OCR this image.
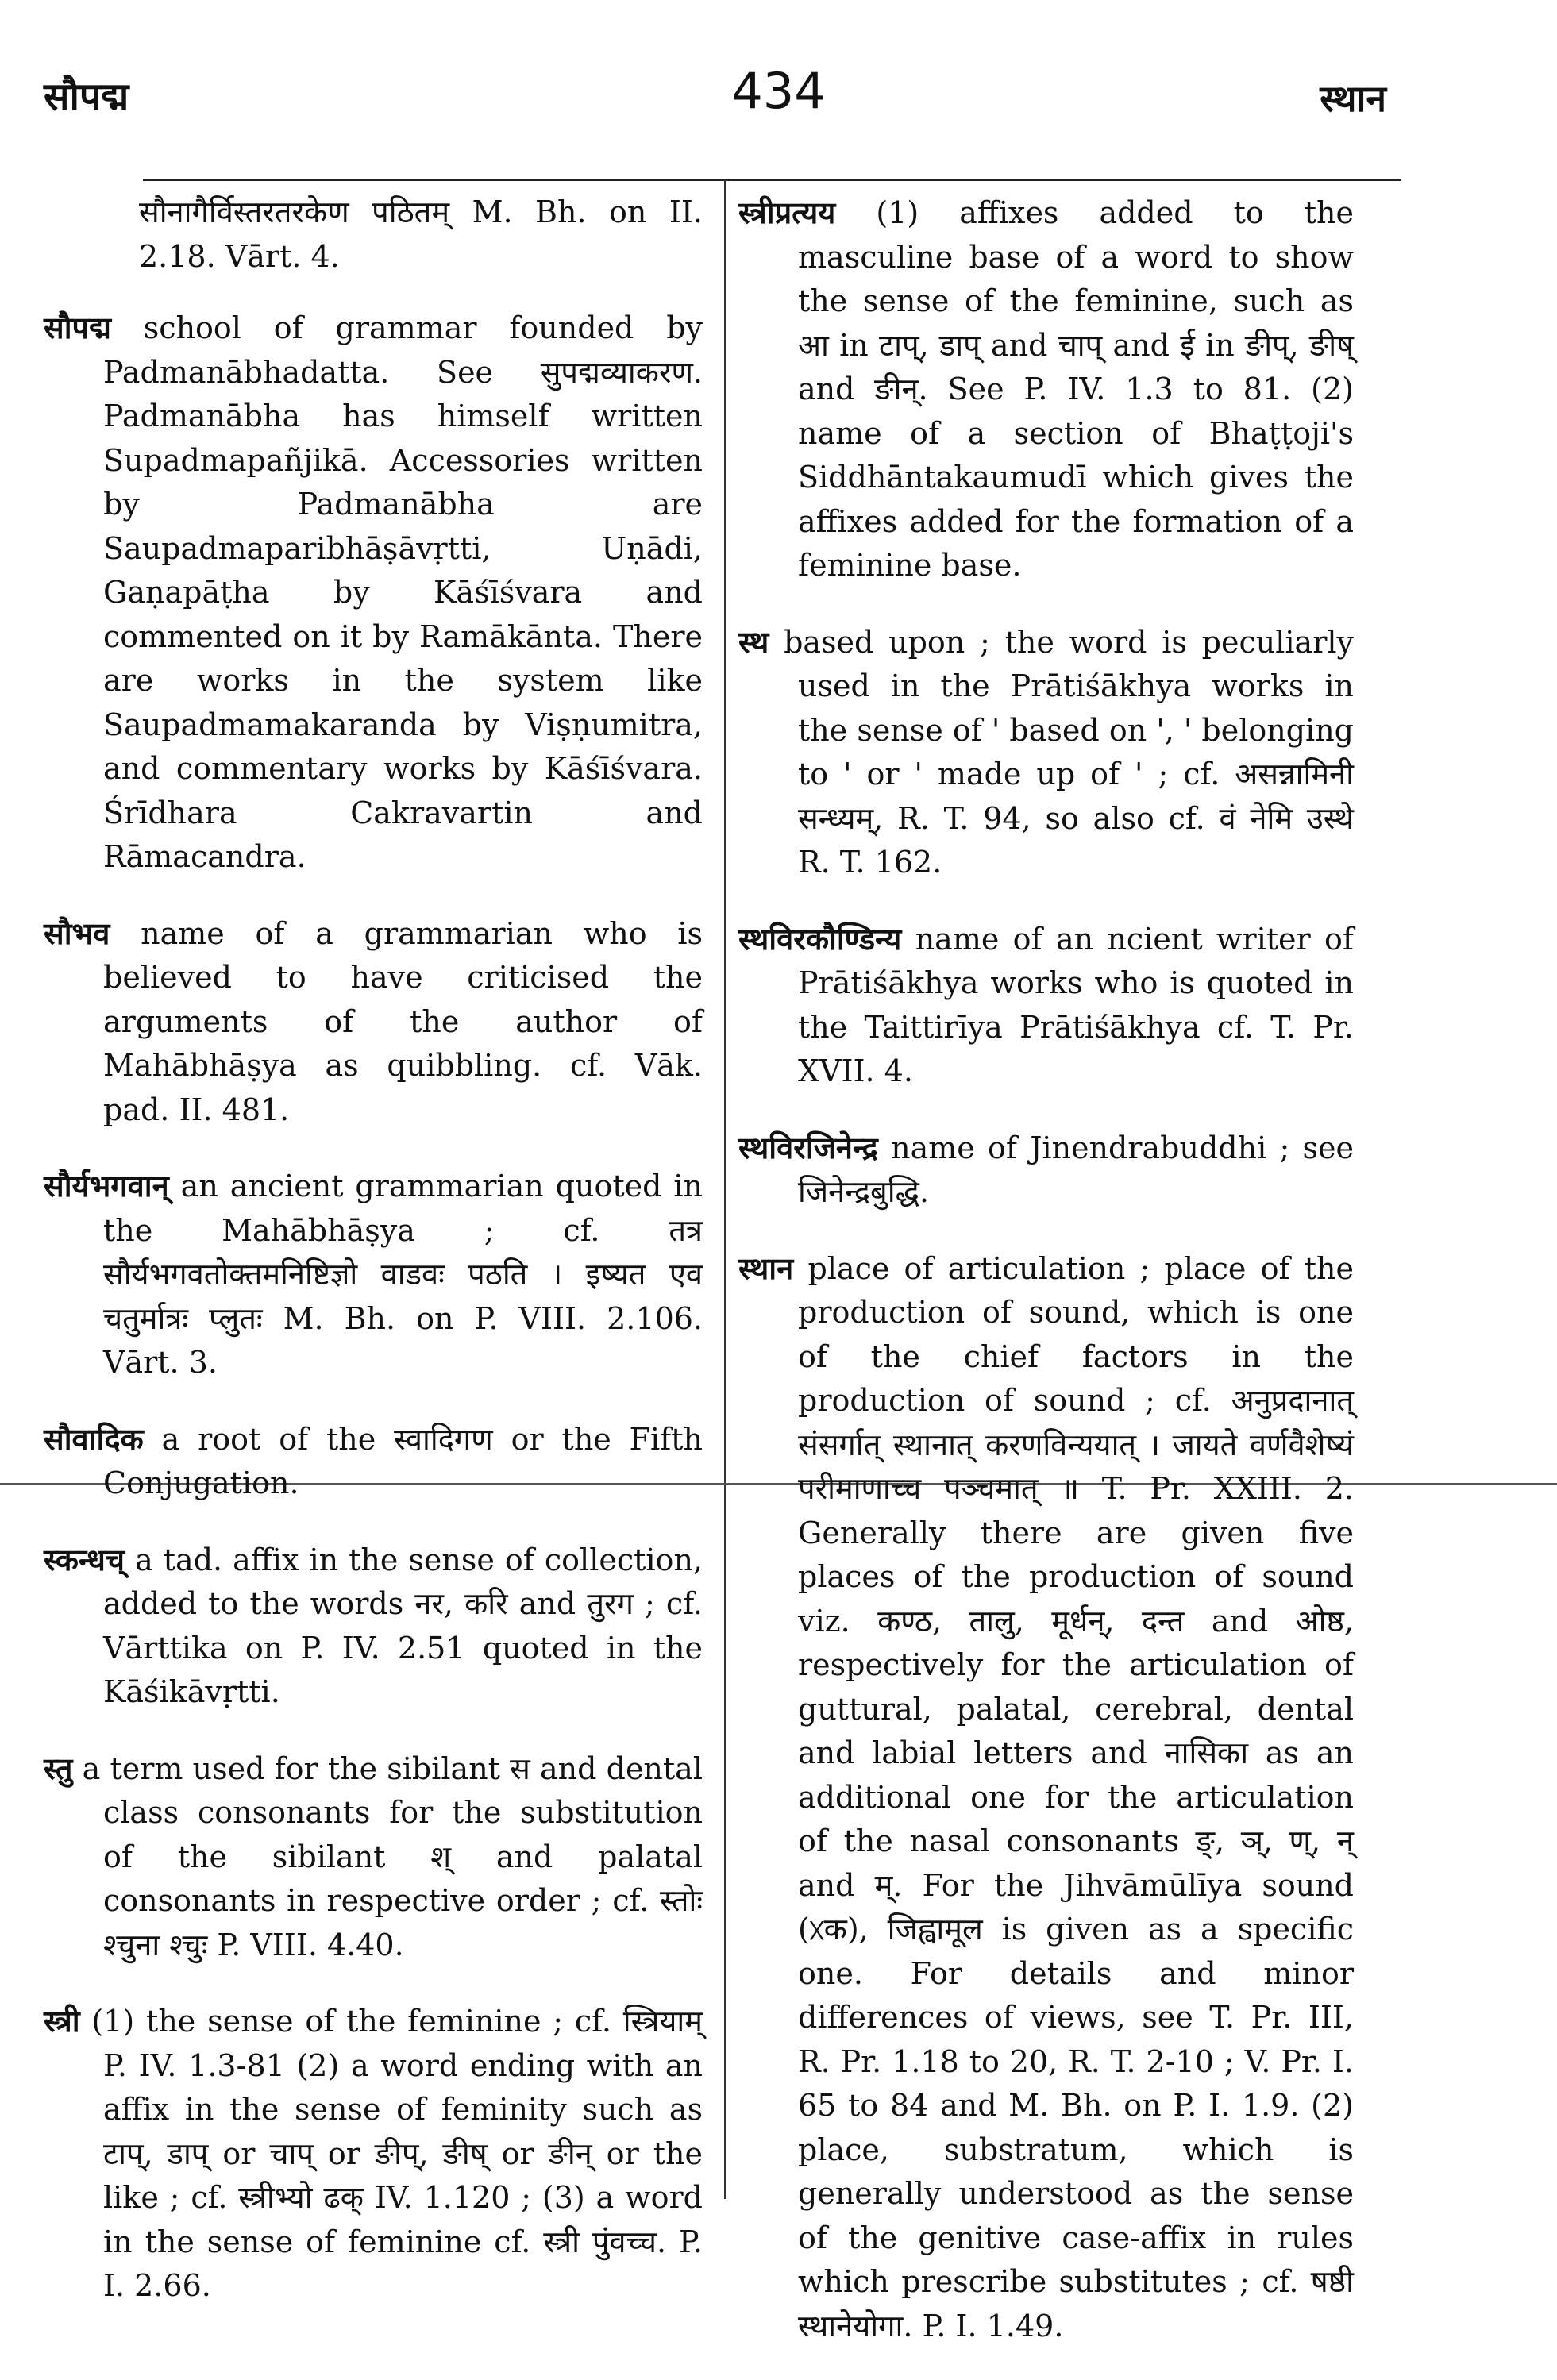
सौपद्म	434	स्थान

सौनागैर्विस्तरतरकेण पठितम् M. Bh. on II. 2.18. Vārt. 4.

सौपद्म school of grammar founded by Padmanābhadatta. See सुपद्मव्याकरण. Padmanābha has himself written Supadmapañjikā. Accessories written by Padmanābha are Saupadmaparibhāṣāvṛtti, Uṇādi, Gaṇapāṭha by Kāśīśvara and commented on it by Ramākānta. There are works in the system like Saupadmamakaranda by Viṣṇumitra, and commentary works by Kāśīśvara. Śrīdhara Cakravartin and Rāmacandra.

सौभव name of a grammarian who is believed to have criticised the arguments of the author of Mahābhāṣya as quibbling. cf. Vāk. pad. II. 481.

सौर्यभगवान् an ancient grammarian quoted in the Mahābhāṣya ; cf. तत्र सौर्यभगवतोक्तमनिष्टिज्ञो वाडवः पठति । इष्यत एव चतुर्मात्रः प्लुतः M. Bh. on P. VIII. 2.106. Vārt. 3.

सौवादिक a root of the स्वादिगण or the Fifth Conjugation.

स्कन्धच् a tad. affix in the sense of collection, added to the words नर, करि and तुरग ; cf. Vārttika on P. IV. 2.51 quoted in the Kāśikāvṛtti.

स्तु a term used for the sibilant स and dental class consonants for the substitution of the sibilant श् and palatal consonants in respective order ; cf. स्तोः श्चुना श्चुः P. VIII. 4.40.

स्त्री (1) the sense of the feminine ; cf. स्त्रियाम् P. IV. 1.3-81 (2) a word ending with an affix in the sense of feminity such as टाप्, डाप् or चाप् or ङीप्, ङीष् or ङीन् or the like ; cf. स्त्रीभ्यो ढक् IV. 1.120 ; (3) a word in the sense of feminine cf. स्त्री पुंवच्च. P. I. 2.66.

स्त्रीप्रत्यय (1) affixes added to the masculine base of a word to show the sense of the feminine, such as आ in टाप्, डाप् and चाप् and ई in ङीप्, ङीष् and ङीन्. See P. IV. 1.3 to 81. (2) name of a section of Bhaṭṭoji's Siddhāntakaumudī which gives the affixes added for the formation of a feminine base.

स्थ based upon ; the word is peculiarly used in the Prātiśākhya works in the sense of ' based on ', ' belonging to ' or ' made up of ' ; cf. असन्नामिनी सन्ध्यम्, R. T. 94, so also cf. वं नेमि उस्थे R. T. 162.

स्थविरकौण्डिन्य name of an ncient writer of Prātiśākhya works who is quoted in the Taittirīya Prātiśākhya cf. T. Pr. XVII. 4.

स्थविरजिनेन्द्र name of Jinendrabuddhi ; see जिनेन्द्रबुद्धि.

स्थान place of articulation ; place of the production of sound, which is one of the chief factors in the production of sound ; cf. अनुप्रदानात् संसर्गात् स्थानात् करणविन्ययात् । जायते वर्णवैशेष्यं परीमाणाच्च पञ्चमात् ॥ T. Pr. XXIII. 2. Generally there are given five places of the production of sound viz. कण्ठ, तालु, मूर्धन्, दन्त and ओष्ठ, respectively for the articulation of guttural, palatal, cerebral, dental and labial letters and नासिका as an additional one for the articulation of the nasal consonants ङ्, ञ्, ण्, न् and म्. For the Jihvāmūlīya sound (ᳵक), जिह्वामूल is given as a specific one. For details and minor differences of views, see T. Pr. III, R. Pr. 1.18 to 20, R. T. 2-10 ; V. Pr. I. 65 to 84 and M. Bh. on P. I. 1.9. (2) place, substratum, which is generally understood as the sense of the genitive case-affix in rules which prescribe substitutes ; cf. षष्ठी स्थानेयोगा. P. I. 1.49.
